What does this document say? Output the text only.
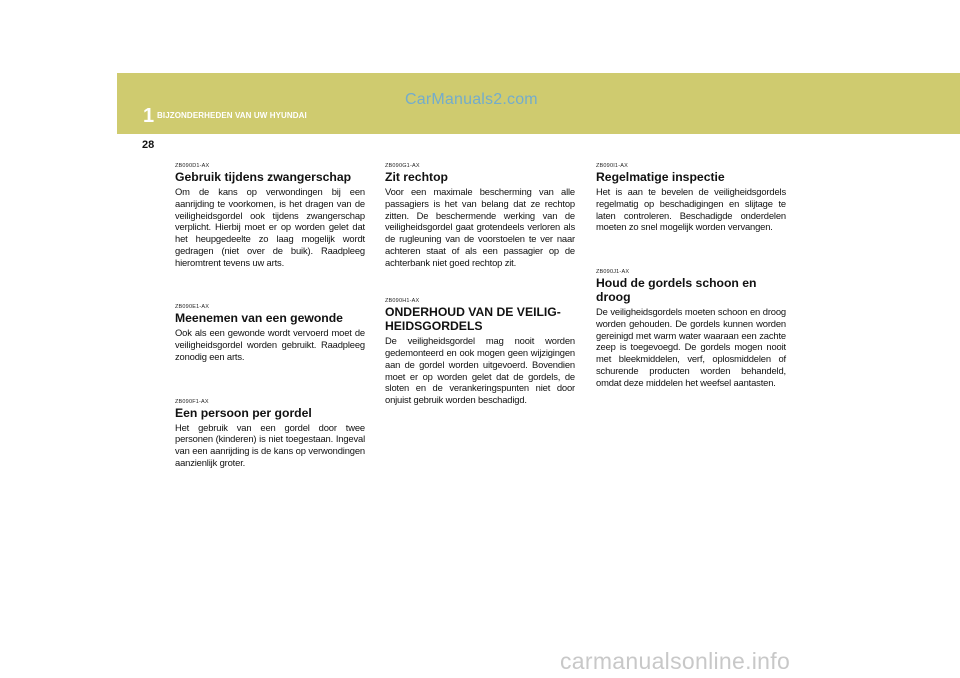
1 BIJZONDERHEDEN VAN UW HYUNDAI
CarManuals2.com
28
ZB090D1-AX
Gebruik tijdens zwangerschap

Om de kans op verwondingen bij een aanrijding te voorkomen, is het dragen van de veiligheidsgordel ook tijdens zwangerschap verplicht. Hierbij moet er op worden gelet dat het heupgedeelte zo laag mogelijk wordt gedragen (niet over de buik). Raadpleeg hieromtrent tevens uw arts.

ZB090E1-AX
Meenemen van een gewonde

Ook als een gewonde wordt vervoerd moet de veiligheidsgordel worden gebruikt. Raadpleeg zonodig een arts.

ZB090F1-AX
Een persoon per gordel

Het gebruik van een gordel door twee personen (kinderen) is niet toegestaan. Ingeval van een aanrijding is de kans op verwondingen aanzienlijk groter.

ZB090G1-AX
Zit rechtop

Voor een maximale bescherming van alle passagiers is het van belang dat ze rechtop zitten. De beschermende werking van de veiligheidsgordel gaat grotendeels verloren als de rugleuning van de voorstoelen te ver naar achteren staat of als een passagier op de achterbank niet goed rechtop zit.

ZB090H1-AX
ONDERHOUD VAN DE VEILIG-HEIDSGORDELS

De veiligheidsgordel mag nooit worden gedemonteerd en ook mogen geen wijzigingen aan de gordel worden uitgevoerd. Bovendien moet er op worden gelet dat de gordels, de sloten en de verankeringspunten niet door onjuist gebruik worden beschadigd.

ZB090I1-AX
Regelmatige inspectie

Het is aan te bevelen de veiligheidsgordels regelmatig op beschadigingen en slijtage te laten controleren. Beschadigde onderdelen moeten zo snel mogelijk worden vervangen.

ZB090J1-AX
Houd de gordels schoon en droog

De veiligheidsgordels moeten schoon en droog worden gehouden. De gordels kunnen worden gereinigd met warm water waaraan een zachte zeep is toegevoegd. De gordels mogen nooit met bleekmiddelen, verf, oplosmiddelen of schurende producten worden behandeld, omdat deze middelen het weefsel aantasten.

carmanualsonline.info
